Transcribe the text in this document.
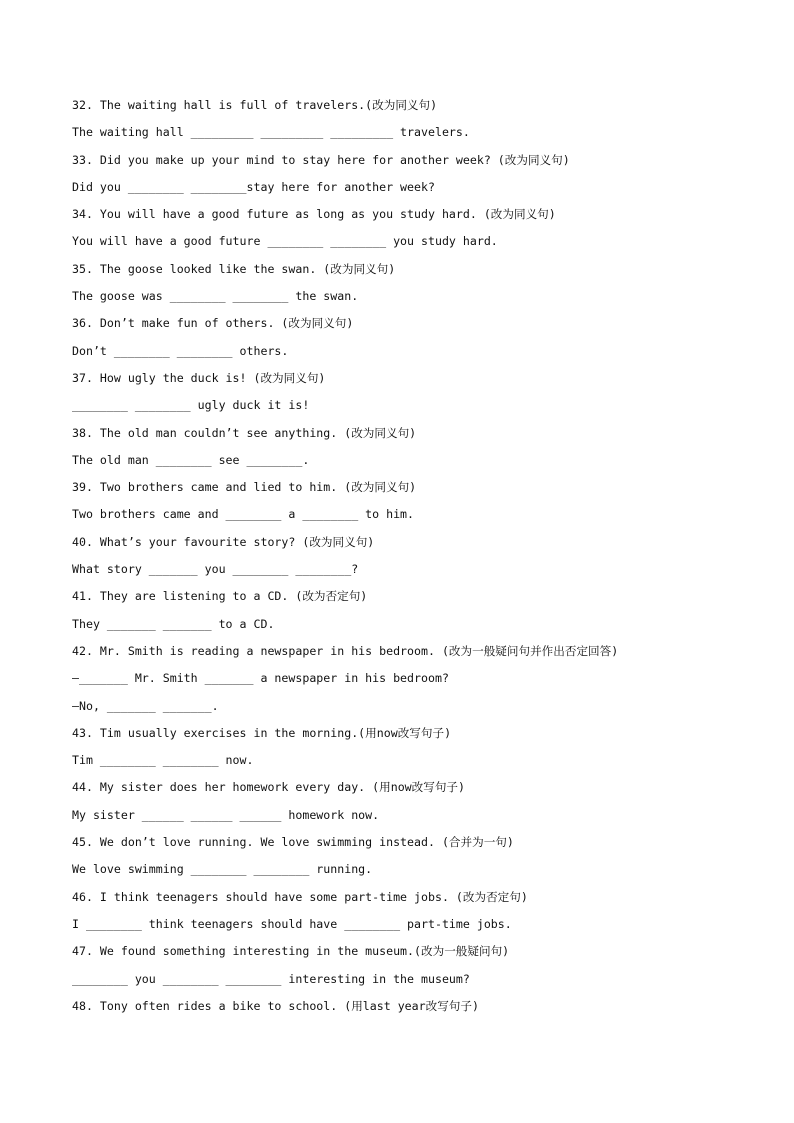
32. The waiting hall is full of travelers.(改为同义句)
The waiting hall _________ _________ _________ travelers.
33. Did you make up your mind to stay here for another week? (改为同义句)
Did you ________ ________stay here for another week?
34. You will have a good future as long as you study hard. (改为同义句)
You will have a good future ________ ________ you study hard.
35. The goose looked like the swan. (改为同义句)
The goose was ________ ________ the swan.
36. Don’t make fun of others. (改为同义句)
Don’t ________ ________ others.
37. How ugly the duck is! (改为同义句)
________ ________ ugly duck it is!
38. The old man couldn’t see anything. (改为同义句)
The old man ________ see ________.
39. Two brothers came and lied to him. (改为同义句)
Two brothers came and ________ a ________ to him.
40. What’s your favourite story? (改为同义句)
What story _______ you ________ ________?
41. They are listening to a CD. (改为否定句)
They _______ _______ to a CD.
42. Mr. Smith is reading a newspaper in his bedroom. (改为一般疑问句并作出否定回答)
—_______ Mr. Smith _______ a newspaper in his bedroom?
—No, _______ _______.
43. Tim usually exercises in the morning.(用now改写句子)
Tim ________ ________ now.
44. My sister does her homework every day. (用now改写句子)
My sister ______ ______ ______ homework now.
45. We don’t love running. We love swimming instead. (合并为一句)
We love swimming ________ ________ running.
46. I think teenagers should have some part-time jobs. (改为否定句)
I ________ think teenagers should have ________ part-time jobs.
47. We found something interesting in the museum.(改为一般疑问句)
________ you ________ ________ interesting in the museum?
48. Tony often rides a bike to school. (用last year改写句子)
